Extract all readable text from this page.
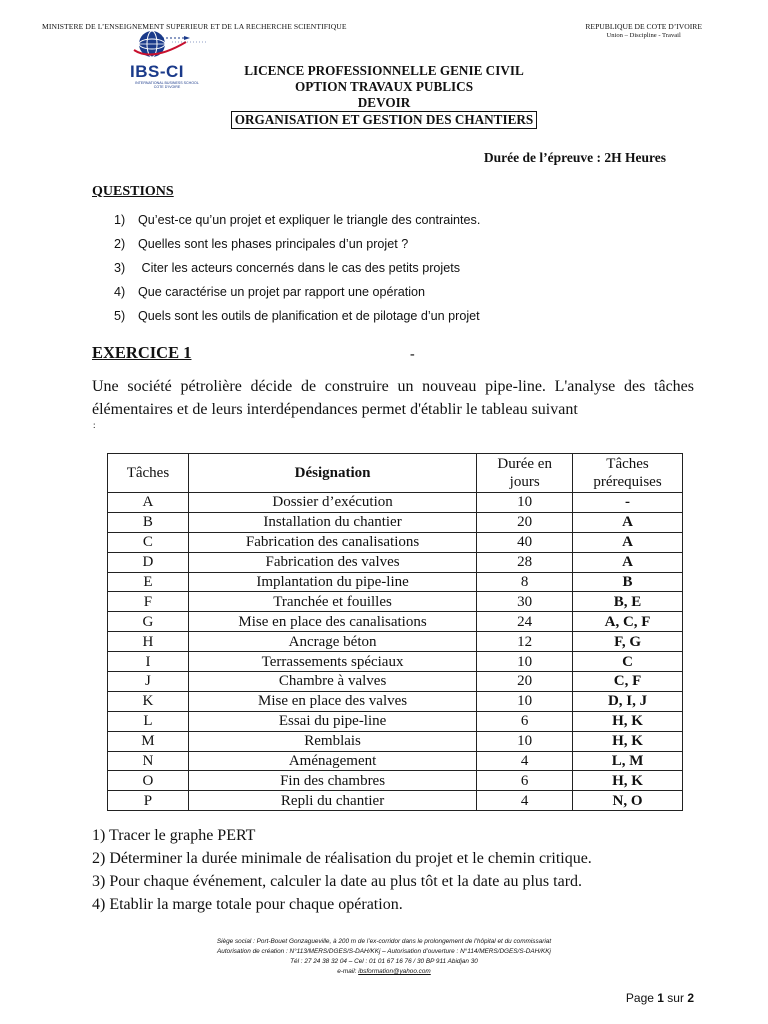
MINISTERE DE L’ENSEIGNEMENT SUPERIEUR ET DE LA RECHERCHE SCIENTIFIQUE	REPUBLIQUE DE COTE D’IVOIRE
Union – Discipline - Travail
IBS-CI
INTERNATIONAL BUSINESS SCHOOL COTE D’IVOIRE
LICENCE PROFESSIONNELLE GENIE CIVIL
OPTION TRAVAUX PUBLICS
DEVOIR
ORGANISATION ET GESTION DES CHANTIERS
Durée de l’épreuve : 2H Heures
QUESTIONS
1) Qu’est-ce qu’un projet et expliquer le triangle des contraintes.
2) Quelles sont les phases principales d’un projet ?
3) Citer les acteurs concernés dans le cas des petits projets
4) Que caractérise un projet par rapport une opération
5) Quels sont les outils de planification et de pilotage d’un projet
EXERCICE 1	-
Une société pétrolière décide de construire un nouveau pipe-line. L'analyse des tâches élémentaires et de leurs interdépendances permet d'établir le tableau suivant
:
Tâches	Désignation	Durée en
jours	Tâches
prérequises
A	Dossier d’exécution	10	-
B	Installation du chantier	20	A
C	Fabrication des canalisations	40	A
D	Fabrication des valves	28	A
E	Implantation du pipe-line	8	B
F	Tranchée et fouilles	30	B, E
G	Mise en place des canalisations	24	A, C, F
H	Ancrage béton	12	F, G
I	Terrassements spéciaux	10	C
J	Chambre à valves	20	C, F
K	Mise en place des valves	10	D, I, J
L	Essai du pipe-line	6	H, K
M	Remblais	10	H, K
N	Aménagement	4	L, M
O	Fin des chambres	6	H, K
P	Repli du chantier	4	N, O
1) Tracer le graphe PERT
2) Déterminer la durée minimale de réalisation du projet et le chemin critique.
3) Pour chaque événement, calculer la date au plus tôt et la date au plus tard.
4) Etablir la marge totale pour chaque opération.
Siège social : Port-Bouet Gonzagueville, à 200 m de l’ex-corridor dans le prolongement de l’hôpital et du commissariat
Autorisation de création : N°113/MERS/DGES/S-DAH/KKj – Autorisation d’ouverture : N°114/MERS/DGES/S-DAH/KKj
Tél : 27 24 38 32 04 – Cel : 01 01 67 16 76 / 30 BP 911 Abidjan 30
e-mail: ibsformation@yahoo.com
Page 1 sur 2
